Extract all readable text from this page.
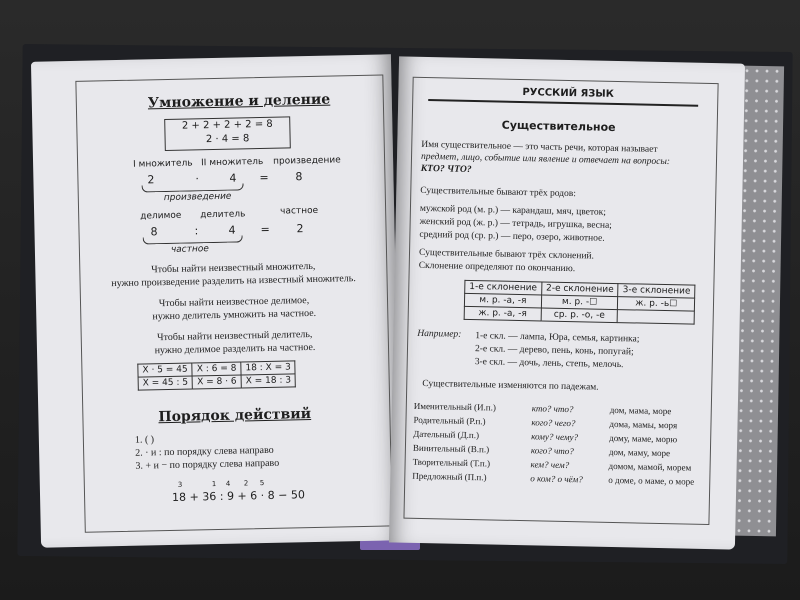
Умножение и деление
2 + 2 + 2 + 2 = 8
2 · 4 = 8
I множитель II множитель произведение
2	·	4 = 8
произведение
делимое делитель	частное
8	:	4 = 2
частное
Чтобы найти неизвестный множитель,
нужно произведение разделить на известный множитель.
Чтобы найти неизвестное делимое,
нужно делитель умножить на частное.
Чтобы найти неизвестный делитель,
нужно делимое разделить на частное.
X · 5 = 45	X : 6 = 8	18 : X = 3
X = 45 : 5	X = 8 · 6	X = 18 : 3
Порядок действий
1. ( )
2. · и : по порядку слева направо
3. + и − по порядку слева направо
3	1 4 2 5
18 + 36 : 9 + 6 · 8 − 50
РУССКИЙ ЯЗЫК
Существительное
Имя существительное — это часть речи, которая называет
предмет, лицо, событие или явление и отвечает на вопросы:
КТО? ЧТО?
Существительные бывают трёх родов:
мужской род (м. р.) — карандаш, мяч, цветок;
женский род (ж. р.) — тетрадь, игрушка, весна;
средний род (ср. р.) — перо, озеро, животное.
Существительные бывают трёх склонений.
Склонение определяют по окончанию.
1-е склонение	2-е склонение	3-е склонение
м. р. -а, -я	м. р. -☐	ж. р. -ь☐
ж. р. -а, -я	ср. р. -о, -е	
Например: 1-е скл. — лампа, Юра, семья, картинка;
2-е скл. — дерево, пень, конь, попугай;
3-е скл. — дочь, лень, степь, мелочь.
Существительные изменяются по падежам.
Именительный (И.п.)	кто? что?	дом, мама, море
Родительный (Р.п.)	кого? чего?	дома, мамы, моря
Дательный (Д.п.)	кому? чему?	дому, маме, морю
Винительный (В.п.)	кого? что?	дом, маму, море
Творительный (Т.п.)	кем? чем?	домом, мамой, морем
Предложный (П.п.)	о ком? о чём?	о доме, о маме, о море
